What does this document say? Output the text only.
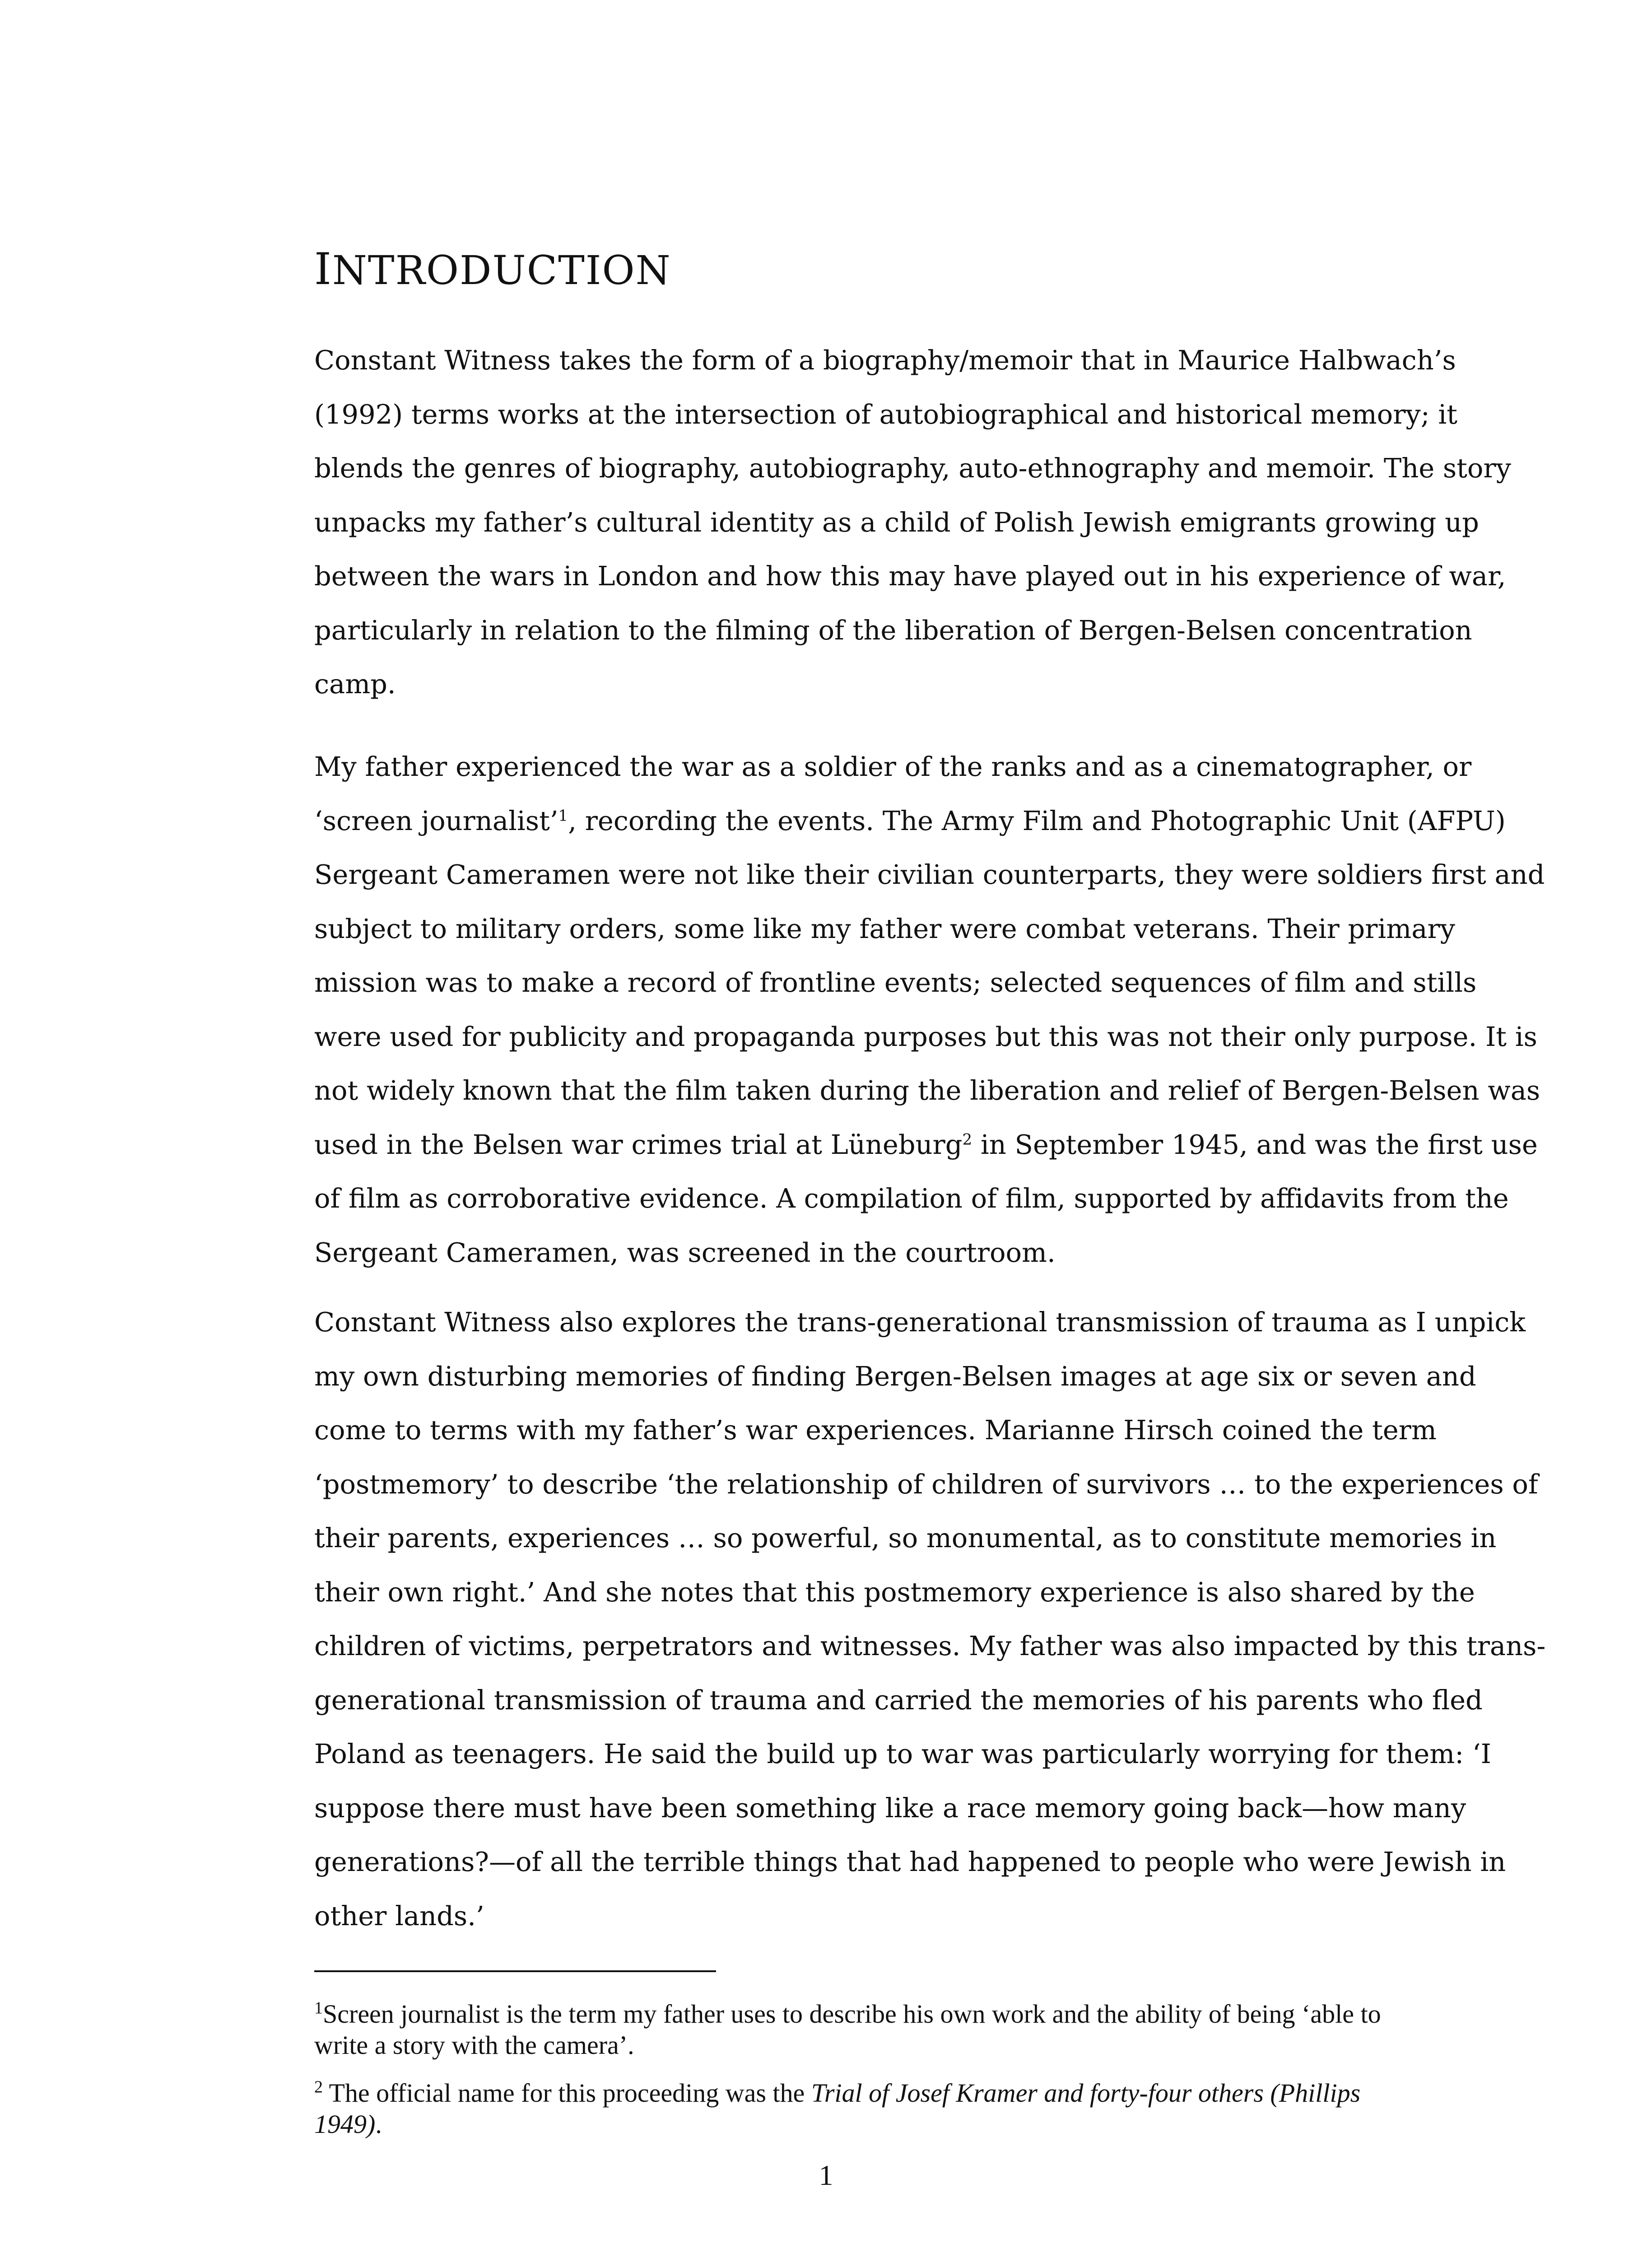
INTRODUCTION

Constant Witness takes the form of a biography/memoir that in Maurice Halbwach’s
(1992) terms works at the intersection of autobiographical and historical memory; it
blends the genres of biography, autobiography, auto-ethnography and memoir. The story
unpacks my father’s cultural identity as a child of Polish Jewish emigrants growing up
between the wars in London and how this may have played out in his experience of war,
particularly in relation to the filming of the liberation of Bergen-Belsen concentration
camp.

My father experienced the war as a soldier of the ranks and as a cinematographer, or
‘screen journalist’$^1$, recording the events. The Army Film and Photographic Unit (AFPU)
Sergeant Cameramen were not like their civilian counterparts, they were soldiers first and
subject to military orders, some like my father were combat veterans. Their primary
mission was to make a record of frontline events; selected sequences of film and stills
were used for publicity and propaganda purposes but this was not their only purpose. It is
not widely known that the film taken during the liberation and relief of Bergen-Belsen was
used in the Belsen war crimes trial at Lüneburg$^2$ in September 1945, and was the first use
of film as corroborative evidence. A compilation of film, supported by affidavits from the
Sergeant Cameramen, was screened in the courtroom.

Constant Witness also explores the trans-generational transmission of trauma as I unpick
my own disturbing memories of finding Bergen-Belsen images at age six or seven and
come to terms with my father’s war experiences. Marianne Hirsch coined the term
‘postmemory’ to describe ‘the relationship of children of survivors … to the experiences of
their parents, experiences … so powerful, so monumental, as to constitute memories in
their own right.’ And she notes that this postmemory experience is also shared by the
children of victims, perpetrators and witnesses. My father was also impacted by this trans-
generational transmission of trauma and carried the memories of his parents who fled
Poland as teenagers. He said the build up to war was particularly worrying for them: ‘I
suppose there must have been something like a race memory going back—how many
generations?—of all the terrible things that had happened to people who were Jewish in
other lands.’

$^1$Screen journalist is the term my father uses to describe his own work and the ability of being ‘able to
write a story with the camera’.
$^2$ The official name for this proceeding was the Trial of Josef Kramer and forty-four others (Phillips
1949).
1
